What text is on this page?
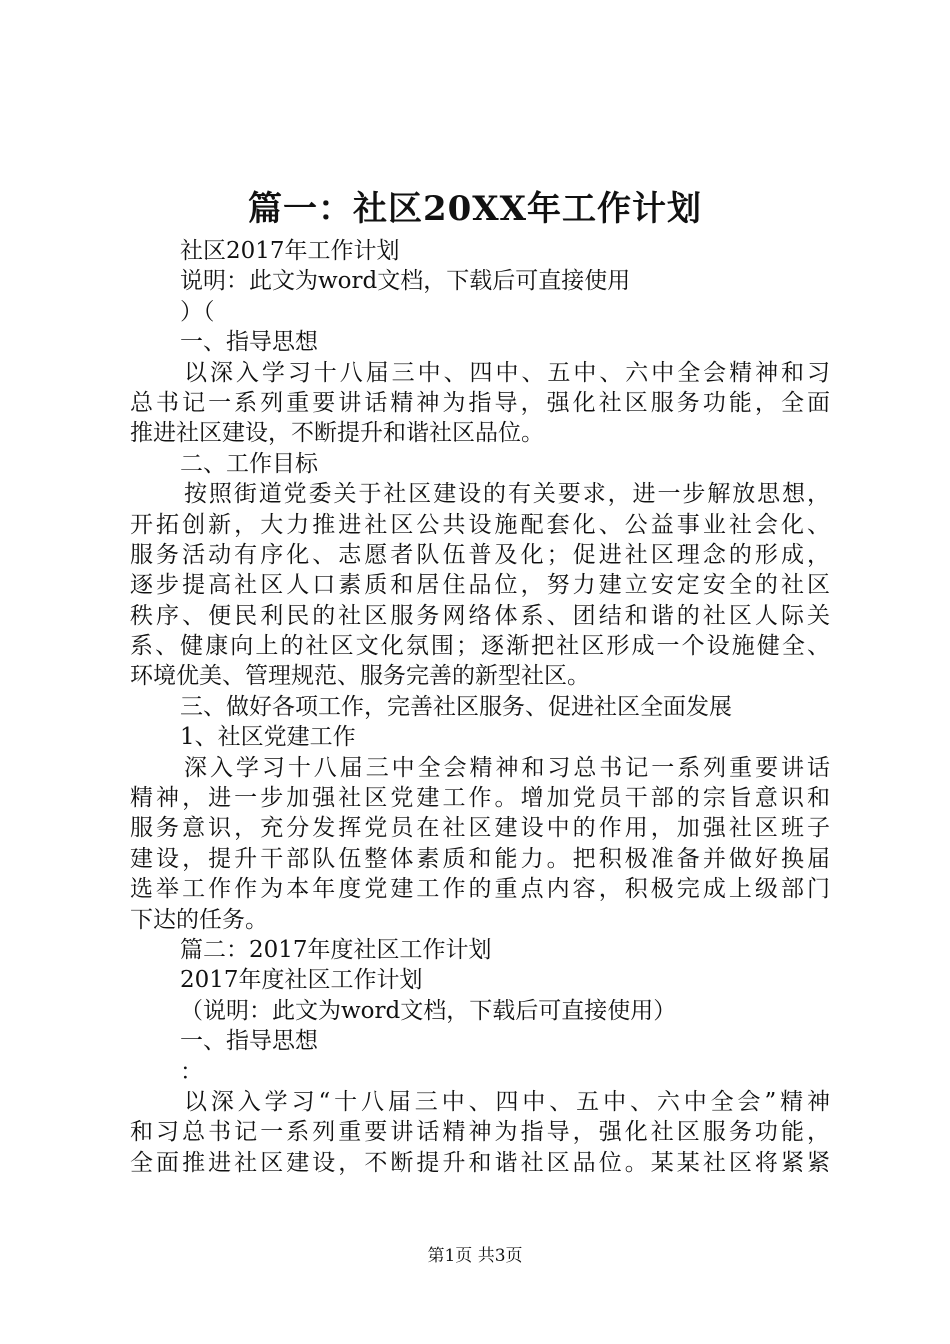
篇一：社区20XX年工作计划
社区2017年工作计划
说明：此文为word文档，下载后可直接使用
）（
一、指导思想
以深入学习十八届三中、四中、五中、六中全会精神和习
总书记一系列重要讲话精神为指导，强化社区服务功能，全面
推进社区建设，不断提升和谐社区品位。
二、工作目标
按照街道党委关于社区建设的有关要求，进一步解放思想，
开拓创新，大力推进社区公共设施配套化、公益事业社会化、
服务活动有序化、志愿者队伍普及化；促进社区理念的形成，
逐步提高社区人口素质和居住品位，努力建立安定安全的社区
秩序、便民利民的社区服务网络体系、团结和谐的社区人际关
系、健康向上的社区文化氛围；逐渐把社区形成一个设施健全、
环境优美、管理规范、服务完善的新型社区。
三、做好各项工作，完善社区服务、促进社区全面发展
1、社区党建工作
深入学习十八届三中全会精神和习总书记一系列重要讲话
精神，进一步加强社区党建工作。增加党员干部的宗旨意识和
服务意识，充分发挥党员在社区建设中的作用，加强社区班子
建设，提升干部队伍整体素质和能力。把积极准备并做好换届
选举工作作为本年度党建工作的重点内容，积极完成上级部门
下达的任务。
篇二：2017年度社区工作计划
2017年度社区工作计划
（说明：此文为word文档，下载后可直接使用）
一、指导思想
：
以深入学习“十八届三中、四中、五中、六中全会”精神
和习总书记一系列重要讲话精神为指导，强化社区服务功能，
全面推进社区建设，不断提升和谐社区品位。某某社区将紧紧
第1页 共3页
